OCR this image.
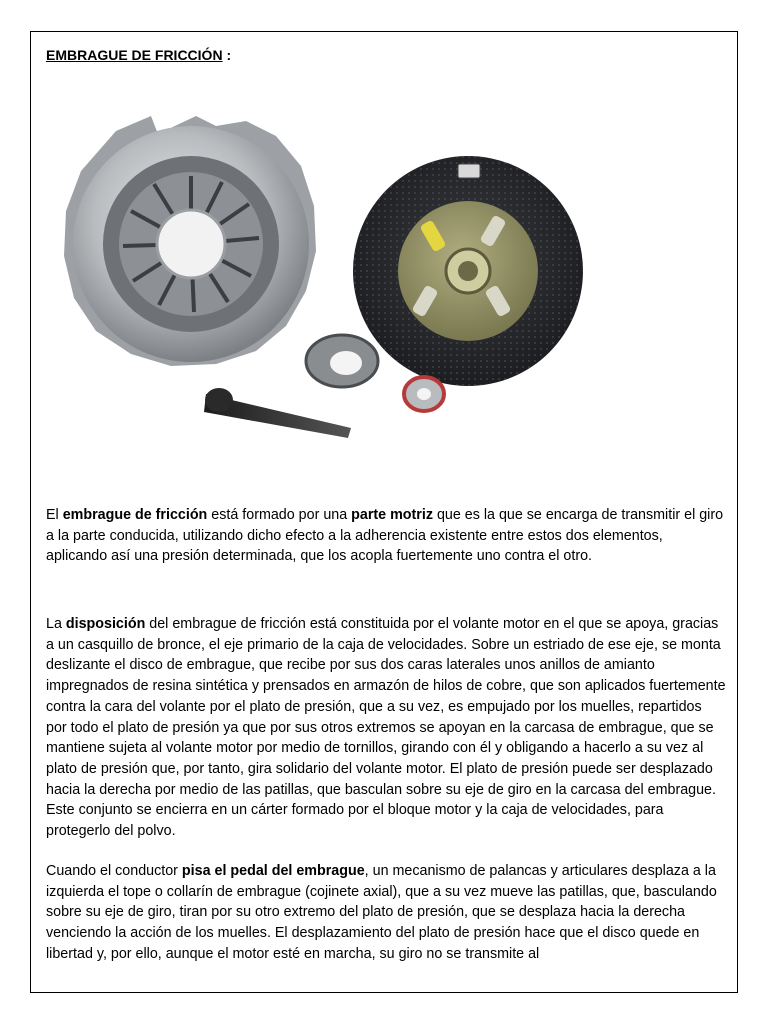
EMBRAGUE DE FRICCIÓN :
El embrague de fricción está formado por una parte motriz que es la que se encarga de transmitir el giro a la parte conducida, utilizando dicho efecto a la adherencia existente entre estos dos elementos, aplicando así una presión determinada, que los acopla fuertemente uno contra el otro.
La disposición del embrague de fricción está constituida por el volante motor en el que se apoya, gracias a un casquillo de bronce, el eje primario de la caja de velocidades. Sobre un estriado de ese eje, se monta deslizante el disco de embrague, que recibe por sus dos caras laterales unos anillos de amianto impregnados de resina sintética y prensados en armazón de hilos de cobre, que son aplicados fuertemente contra la cara del volante por el plato de presión, que a su vez, es empujado por los muelles, repartidos por todo el plato de presión ya que por sus otros extremos se apoyan en la carcasa de embrague, que se mantiene sujeta al volante motor por medio de tornillos, girando con él y obligando a hacerlo a su vez al plato de presión que, por tanto, gira solidario del volante motor. El plato de presión puede ser desplazado hacia la derecha por medio de las patillas, que basculan sobre su eje de giro en la carcasa del embrague. Este conjunto se encierra en un cárter formado por el bloque motor y la caja de velocidades, para protegerlo del polvo.
Cuando el conductor pisa el pedal del embrague, un mecanismo de palancas y articulares desplaza a la izquierda el tope o collarín de embrague (cojinete axial), que a su vez mueve las patillas, que, basculando sobre su eje de giro, tiran por su otro extremo del plato de presión, que se desplaza hacia la derecha venciendo la acción de los muelles. El desplazamiento del plato de presión hace que el disco quede en libertad y, por ello, aunque el motor esté en marcha, su giro no se transmite al
